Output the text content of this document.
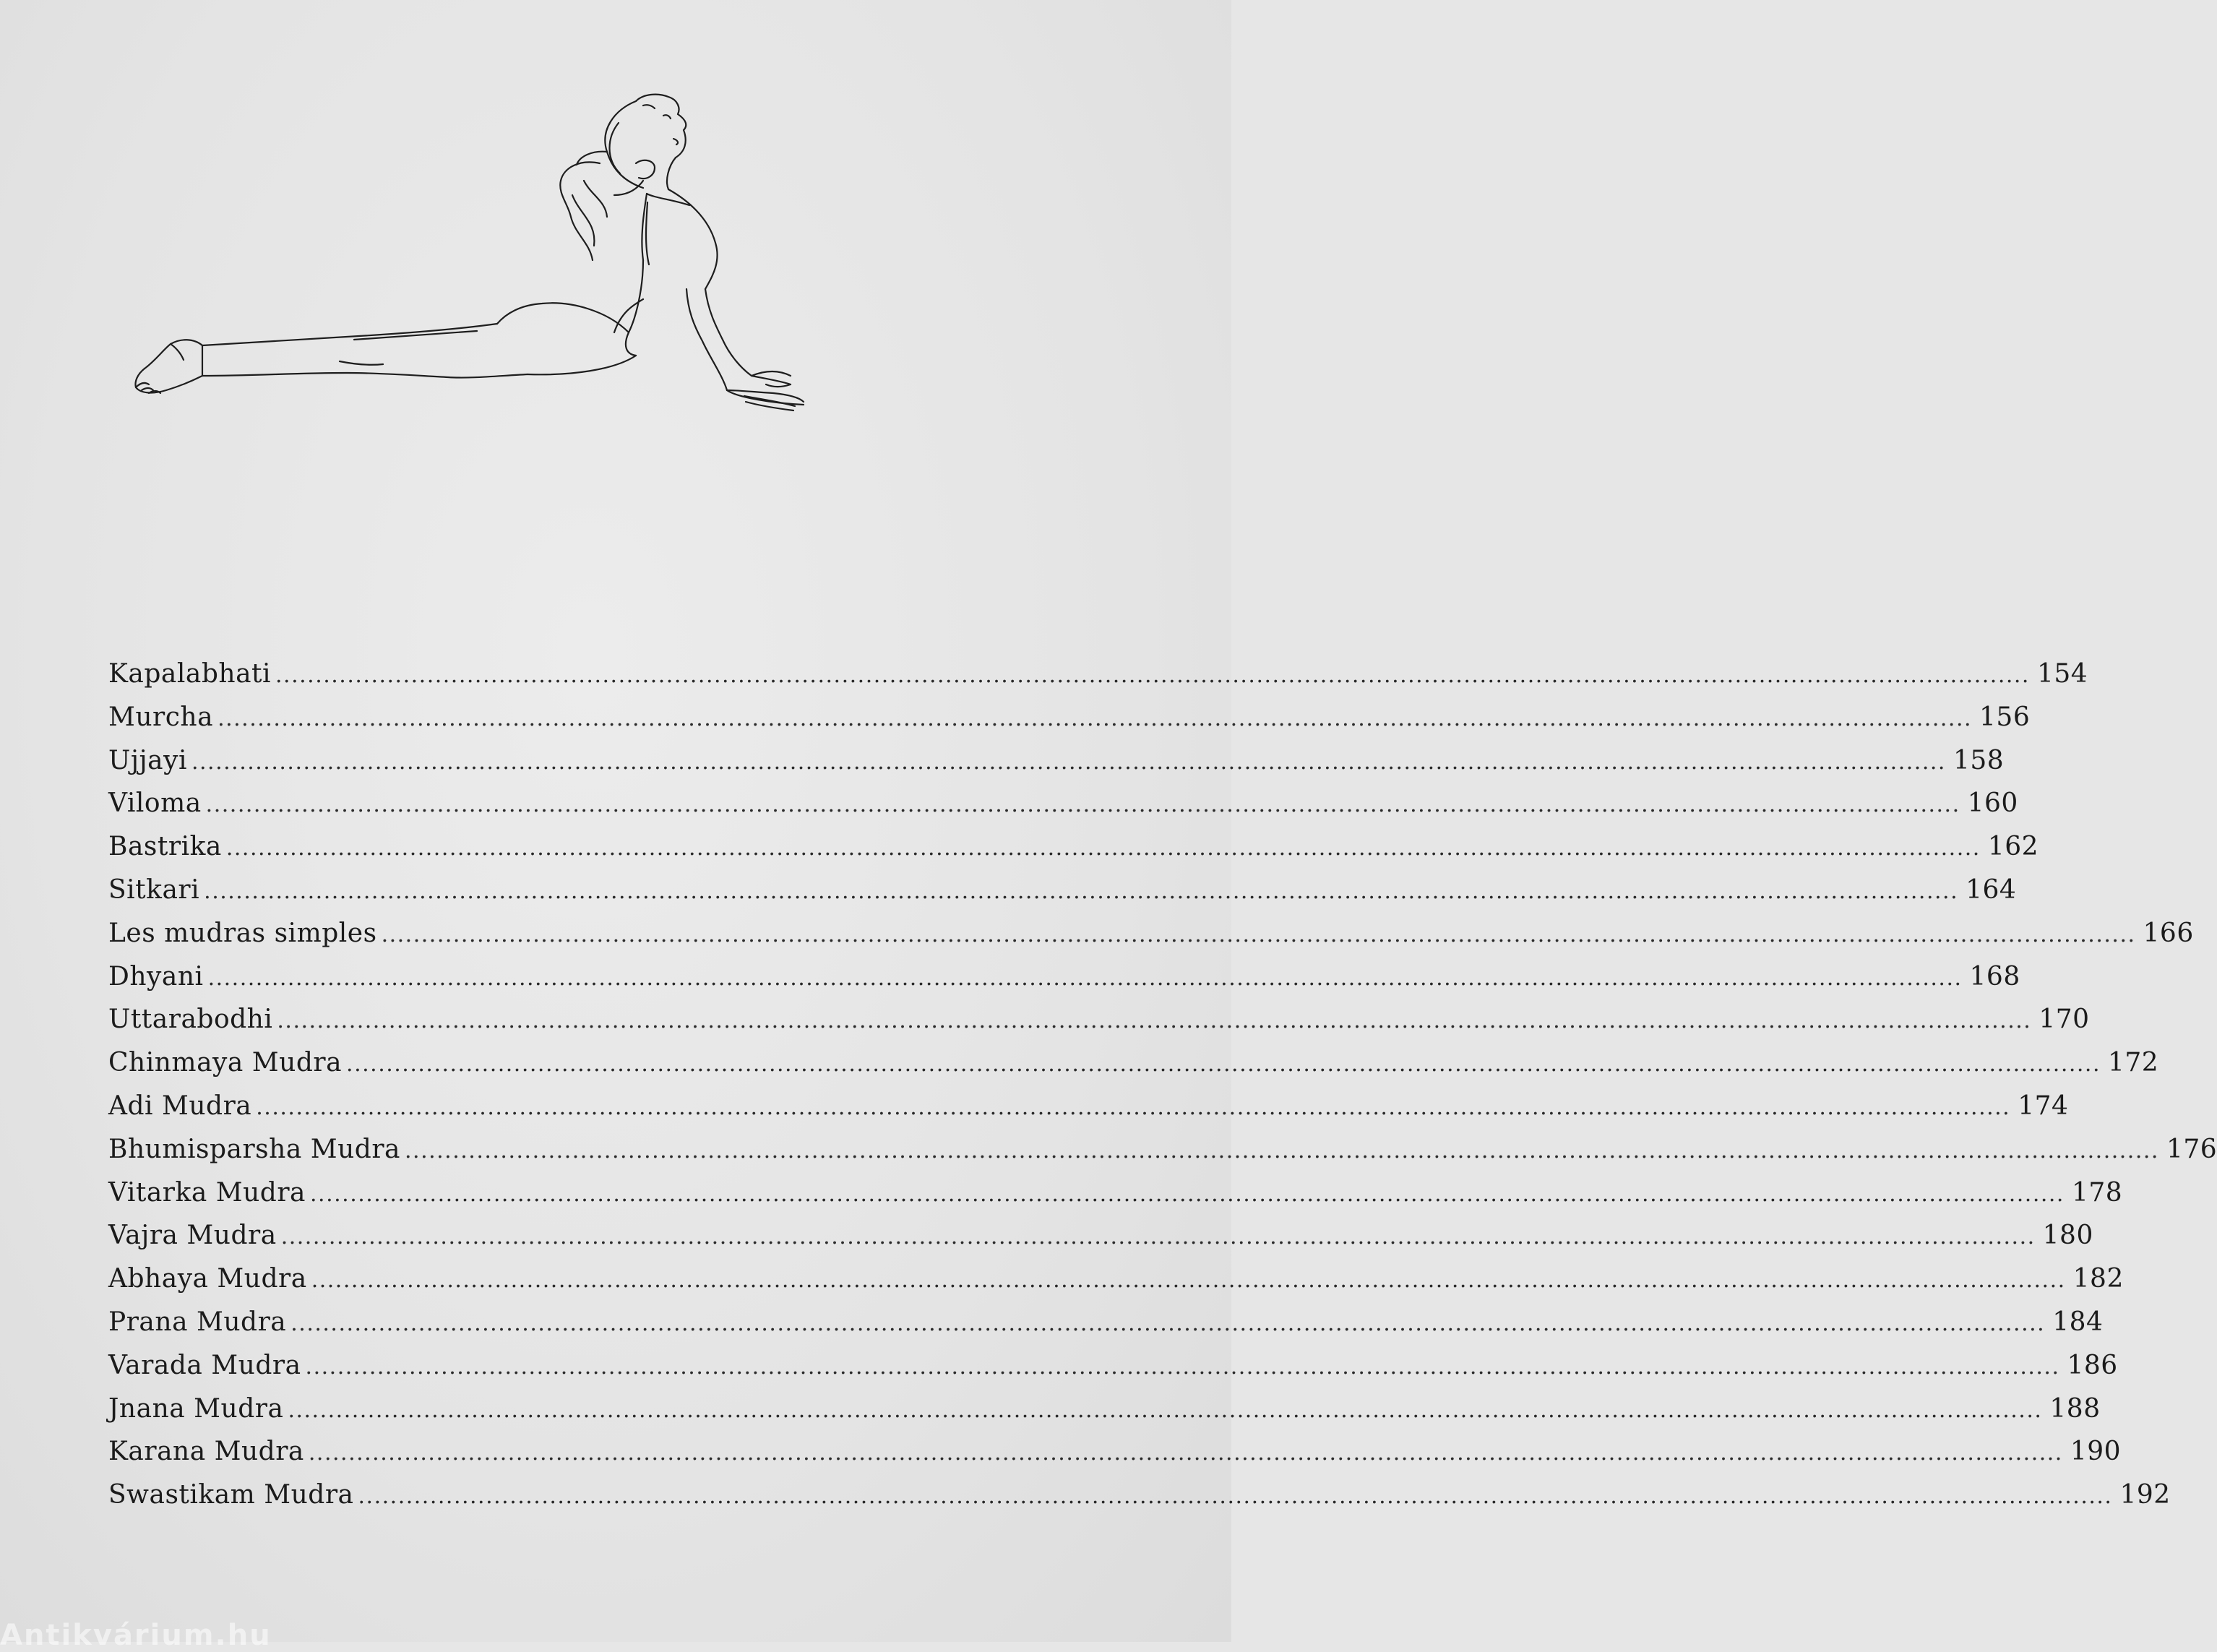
Kapalabhati ............................................................................................................................................................................................................................ 154
Murcha ............................................................................................................................................................................................................................ 156
Ujjayi ............................................................................................................................................................................................................................ 158
Viloma ............................................................................................................................................................................................................................ 160
Bastrika ............................................................................................................................................................................................................................ 162
Sitkari ............................................................................................................................................................................................................................ 164
Les mudras simples ............................................................................................................................................................................................................................ 166
Dhyani ............................................................................................................................................................................................................................ 168
Uttarabodhi ............................................................................................................................................................................................................................ 170
Chinmaya Mudra ............................................................................................................................................................................................................................ 172
Adi Mudra ............................................................................................................................................................................................................................ 174
Bhumisparsha Mudra ............................................................................................................................................................................................................................ 176
Vitarka Mudra ............................................................................................................................................................................................................................ 178
Vajra Mudra ............................................................................................................................................................................................................................ 180
Abhaya Mudra ............................................................................................................................................................................................................................ 182
Prana Mudra ............................................................................................................................................................................................................................ 184
Varada Mudra ............................................................................................................................................................................................................................ 186
Jnana Mudra ............................................................................................................................................................................................................................ 188
Karana Mudra ............................................................................................................................................................................................................................ 190
Swastikam Mudra ............................................................................................................................................................................................................................ 192
Antikvárium.hu
